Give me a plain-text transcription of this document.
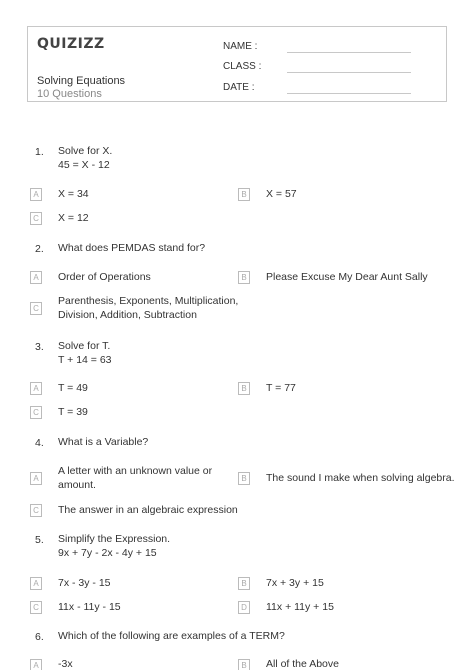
QUIZIZZ
Solving Equations
10 Questions
NAME :
CLASS :
DATE :
1. Solve for X.
45 = X - 12
A	X = 34	B	X = 57
C X = 12
2. What does PEMDAS stand for?
A	Order of Operations	B	Please Excuse My Dear Aunt Sally
C
Parenthesis, Exponents, Multiplication,
Division, Addition, Subtraction
3. Solve for T.
T + 14 = 63
A	T = 49	B	T = 77
C T = 39
4. What is a Variable?
A
A letter with an unknown value or
amount.
B	The sound I make when solving algebra.
C The answer in an algebraic expression
5. Simplify the Expression.
9x + 7y - 2x - 4y + 15
A	7x - 3y - 15	B	7x + 3y + 15
C 11x - 11y - 15	D 11x + 11y + 15
6. Which of the following are examples of a TERM?
A	-3x	B	All of the Above
